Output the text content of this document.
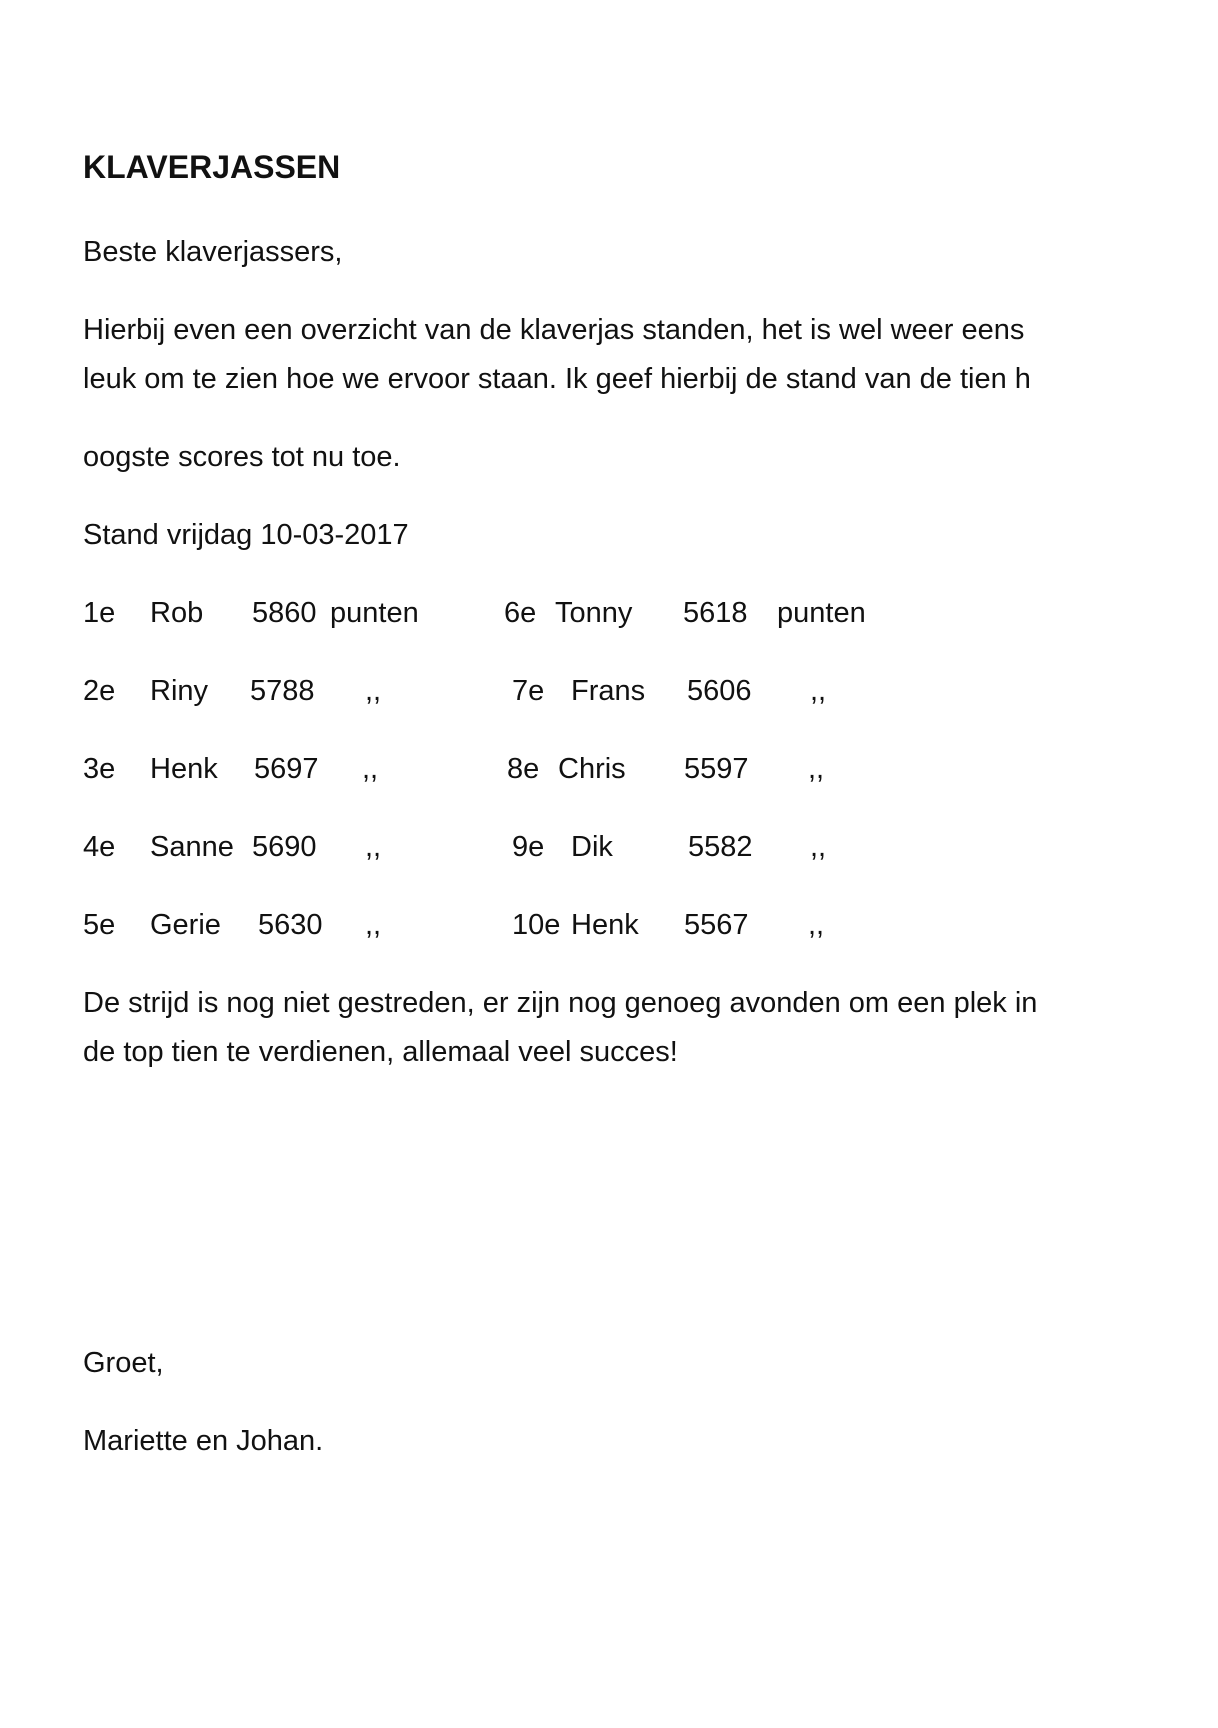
KLAVERJASSEN
Beste klaverjassers,
Hierbij even een overzicht van de klaverjas standen, het is wel weer eens
leuk om te zien hoe we ervoor staan. Ik geef hierbij de stand van de tien h
oogste scores tot nu toe.
Stand vrijdag 10-03-2017
1e Rob 5860 punten	6e Tonny 5618 punten
2e Riny 5788 ,,	7e Frans 5606 ,,
3e Henk 5697 ,,	8e Chris 5597 ,,
4e Sanne 5690 ,,	9e Dik	5582 ,,
5e Gerie 5630 ,,	10e Henk 5567 ,,
De strijd is nog niet gestreden, er zijn nog genoeg avonden om een plek in
de top tien te verdienen, allemaal veel succes!
Groet,
Mariette en Johan.
